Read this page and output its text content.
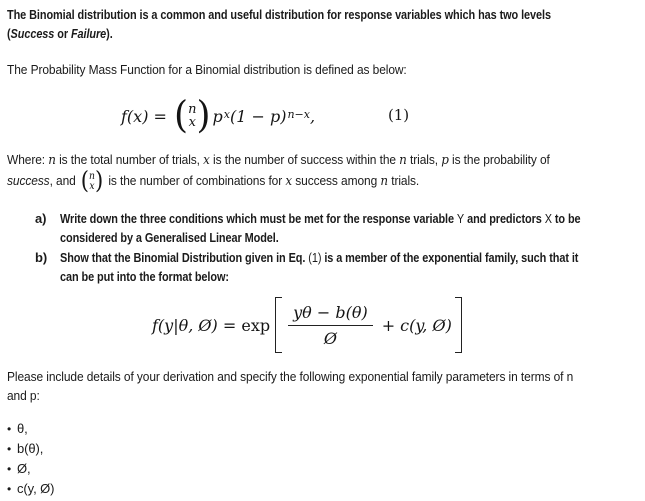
The Binomial distribution is a common and useful distribution for response variables which has two levels
(Success or Failure).

The Probability Mass Function for a Binomial distribution is defined as below:

f(x) = ( n
x ) p x (1 − p) n−x ,	(1)

Where: n is the total number of trials, x is the number of success within the n trials, p is the probability of
success, and ( n
x ) is the number of combinations for x success among n trials.

a)	Write down the three conditions which must be met for the response variable Y and predictors X to be
considered by a Generalised Linear Model.
b) Show that the Binomial Distribution given in Eq. (1) is a member of the exponential family, such that it
can be put into the format below:
f(y|θ, Ø) = $\exp \frac{y\theta - b(\theta)}{Ø} + c(y$, Ø)

Please include details of your derivation and specify the following exponential family parameters in terms of n
and p:

• θ,
• b(θ),
• Ø,
• c(y, Ø)
